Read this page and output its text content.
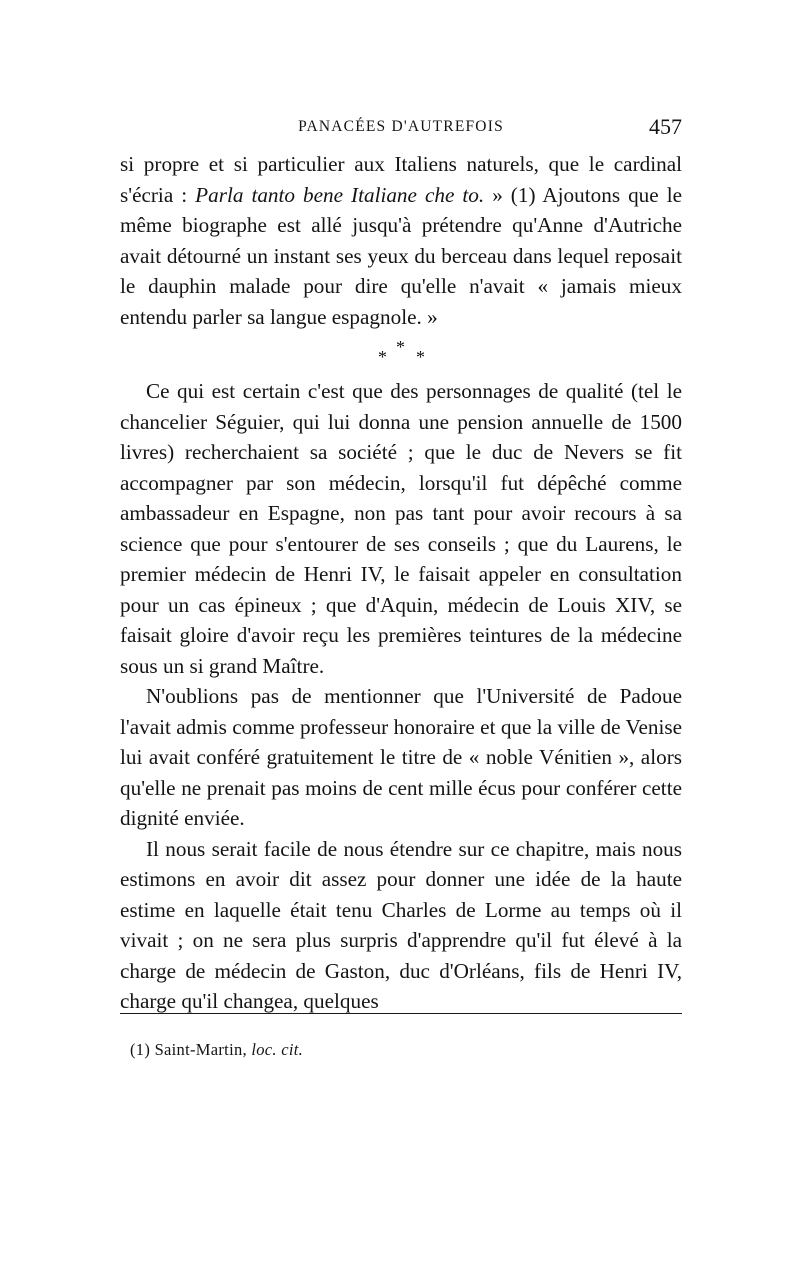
PANACÉES D'AUTREFOIS	457

si propre et si particulier aux Italiens naturels, que le cardinal s'écria : Parla tanto bene Italiane che to. » (1) Ajoutons que le même biographe est allé jusqu'à prétendre qu'Anne d'Autriche avait détourné un instant ses yeux du berceau dans lequel reposait le dauphin malade pour dire qu'elle n'avait « jamais mieux entendu parler sa langue espagnole. »

*
* *

Ce qui est certain c'est que des personnages de qualité (tel le chancelier Séguier, qui lui donna une pension annuelle de 1500 livres) recherchaient sa société ; que le duc de Nevers se fit accompagner par son médecin, lorsqu'il fut dépêché comme ambassadeur en Espagne, non pas tant pour avoir recours à sa science que pour s'entourer de ses conseils ; que du Laurens, le premier médecin de Henri IV, le faisait appeler en consultation pour un cas épineux ; que d'Aquin, médecin de Louis XIV, se faisait gloire d'avoir reçu les premières teintures de la médecine sous un si grand Maître.

N'oublions pas de mentionner que l'Université de Padoue l'avait admis comme professeur honoraire et que la ville de Venise lui avait conféré gratuitement le titre de « noble Vénitien », alors qu'elle ne prenait pas moins de cent mille écus pour conférer cette dignité enviée.

Il nous serait facile de nous étendre sur ce chapitre, mais nous estimons en avoir dit assez pour donner une idée de la haute estime en laquelle était tenu Charles de Lorme au temps où il vivait ; on ne sera plus surpris d'apprendre qu'il fut élevé à la charge de médecin de Gaston, duc d'Orléans, fils de Henri IV, charge qu'il changea, quelques

(1) Saint-Martin, loc. cit.
